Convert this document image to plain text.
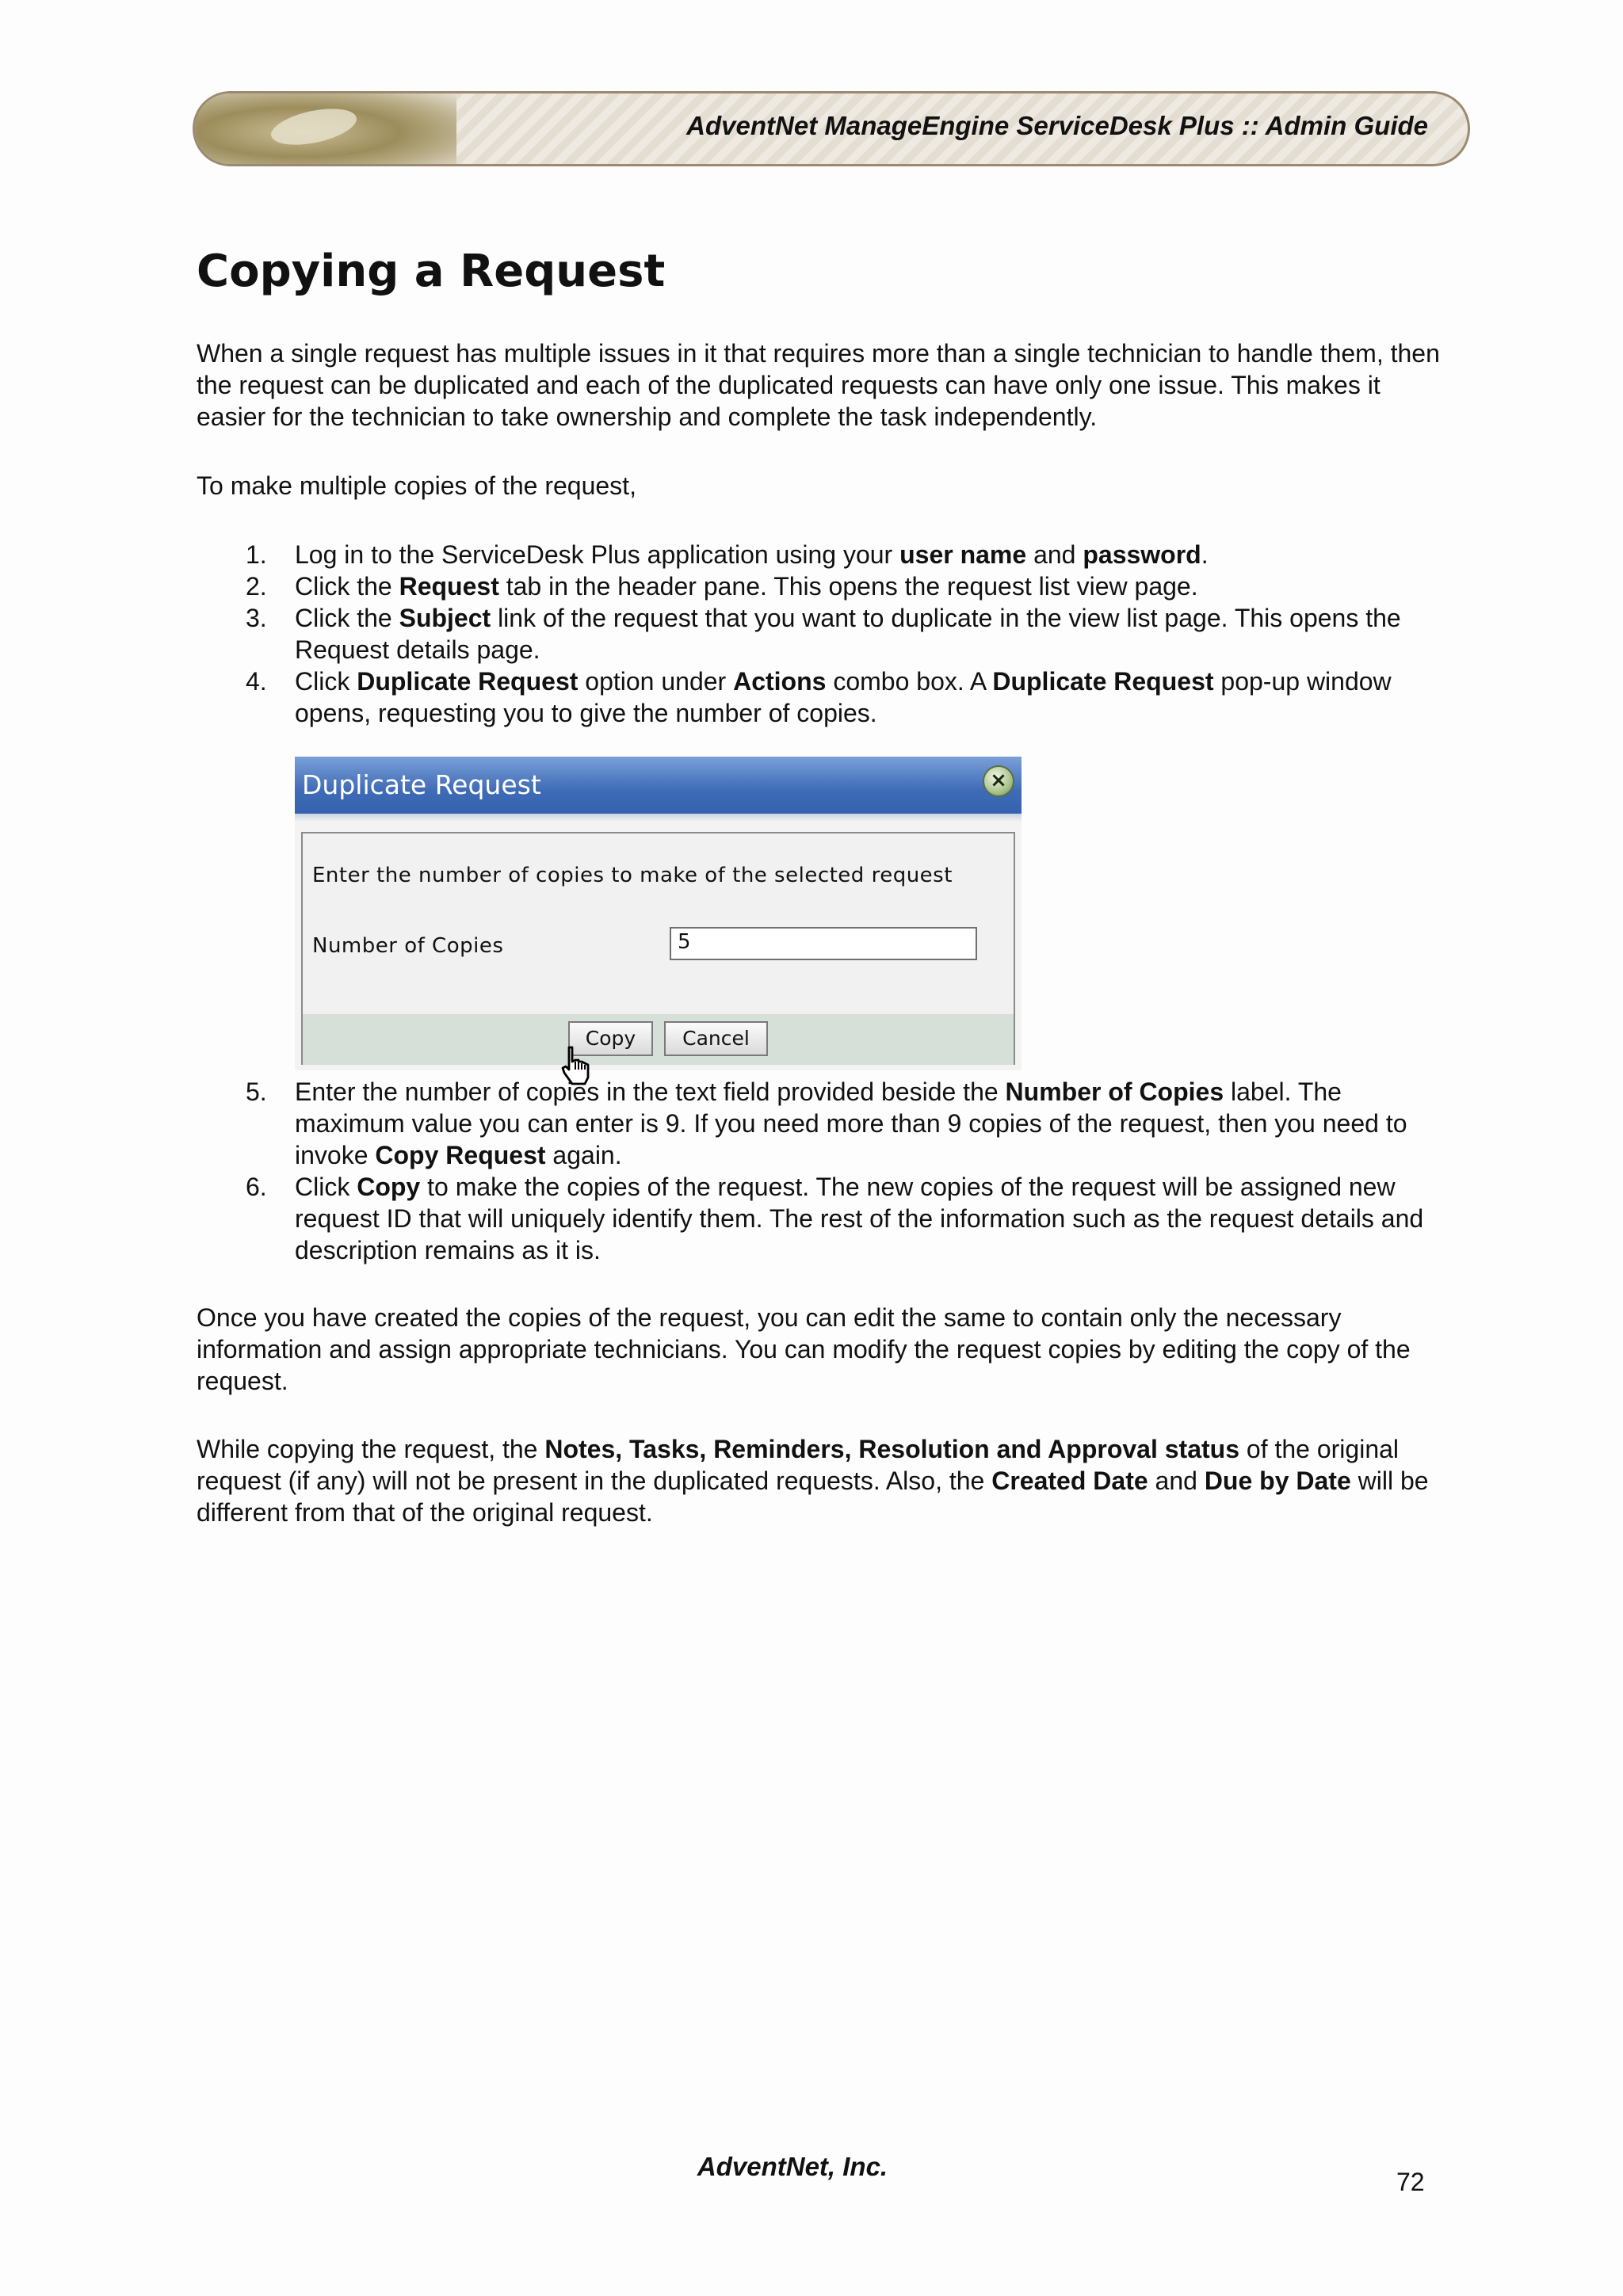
AdventNet ManageEngine ServiceDesk Plus :: Admin Guide
Copying a Request

When a single request has multiple issues in it that requires more than a single technician to handle them, then the request can be duplicated and each of the duplicated requests can have only one issue. This makes it easier for the technician to take ownership and complete the task independently.

To make multiple copies of the request,

1.	Log in to the ServiceDesk Plus application using your user name and password.
2.	Click the Request tab in the header pane. This opens the request list view page.
3.	Click the Subject link of the request that you want to duplicate in the view list page. This opens the Request details page.
4.	Click Duplicate Request option under Actions combo box. A Duplicate Request pop-up window opens, requesting you to give the number of copies.
Duplicate Request	×
Enter the number of copies to make of the selected request
Number of Copies	5
Copy	Cancel
5.	Enter the number of copies in the text field provided beside the Number of Copies label. The maximum value you can enter is 9. If you need more than 9 copies of the request, then you need to invoke Copy Request again.
6.	Click Copy to make the copies of the request. The new copies of the request will be assigned new request ID that will uniquely identify them. The rest of the information such as the request details and description remains as it is.

Once you have created the copies of the request, you can edit the same to contain only the necessary information and assign appropriate technicians. You can modify the request copies by editing the copy of the request.

While copying the request, the Notes, Tasks, Reminders, Resolution and Approval status of the original request (if any) will not be present in the duplicated requests. Also, the Created Date and Due by Date will be different from that of the original request.

AdventNet, Inc.
72
